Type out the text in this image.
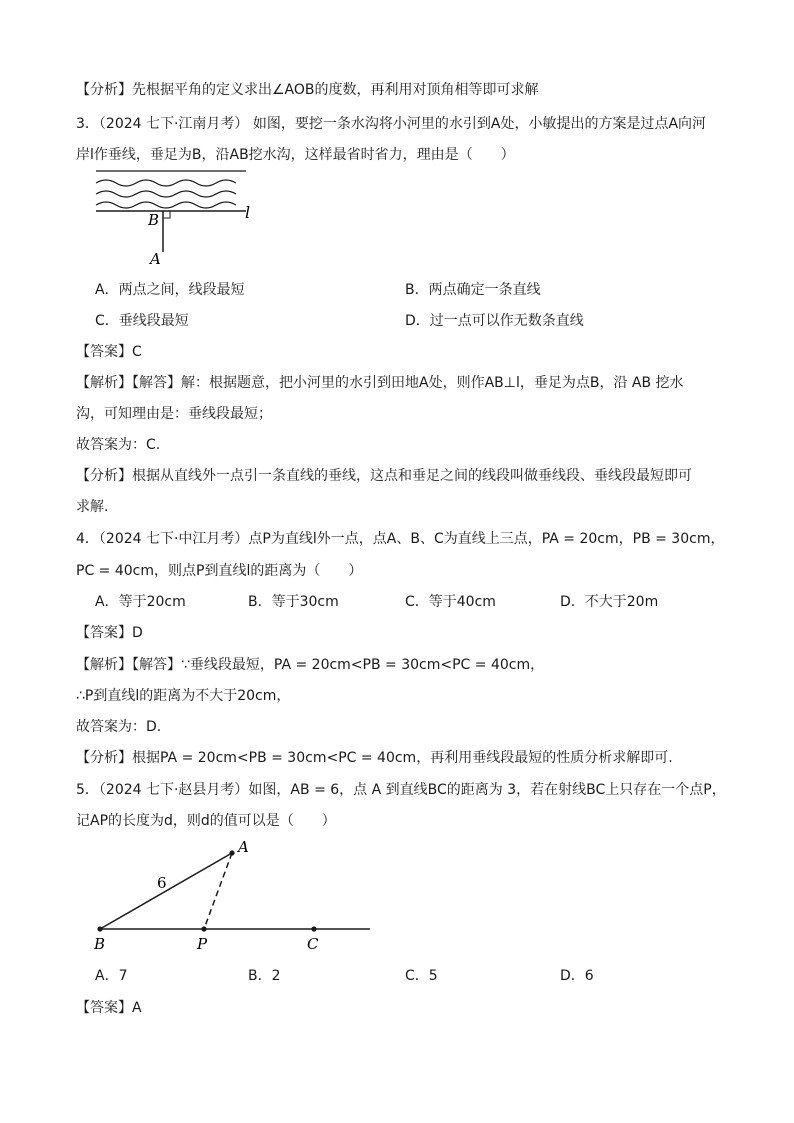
【分析】先根据平角的定义求出∠AOB的度数，再利用对顶角相等即可求解
3．（2024 七下·江南月考） 如图，要挖一条水沟将小河里的水引到A处，小敏提出的方案是过点A向河
岸l作垂线，垂足为B，沿AB挖水沟，这样最省时省力，理由是（　　）
B
A
l
A．两点之间，线段最短	B．两点确定一条直线
C．垂线段最短	D．过一点可以作无数条直线
【答案】C
【解析】【解答】解：根据题意，把小河里的水引到田地A处，则作AB⊥l，垂足为点B，沿 AB 挖水
沟，可知理由是：垂线段最短；
故答案为：C.
【分析】根据从直线外一点引一条直线的垂线，这点和垂足之间的线段叫做垂线段、垂线段最短即可
求解.
4．（2024 七下·中江月考）点P为直线l外一点，点A、B、C为直线上三点，PA = 20cm，PB = 30cm，
PC = 40cm，则点P到直线l的距离为（　　）
A．等于20cm	B．等于30cm	C．等于40cm	D．不大于20m
【答案】D
【解析】【解答】∵垂线段最短，PA = 20cm<PB = 30cm<PC = 40cm，
∴P到直线l的距离为不大于20cm，
故答案为：D.
【分析】根据PA = 20cm<PB = 30cm<PC = 40cm，再利用垂线段最短的性质分析求解即可.
5．（2024 七下·赵县月考）如图，AB = 6，点 A 到直线BC的距离为 3，若在射线BC上只存在一个点P，
记AP的长度为d，则d的值可以是（　　）
A
B	P	C
6
A．7	B．2	C．5	D．6
【答案】A
